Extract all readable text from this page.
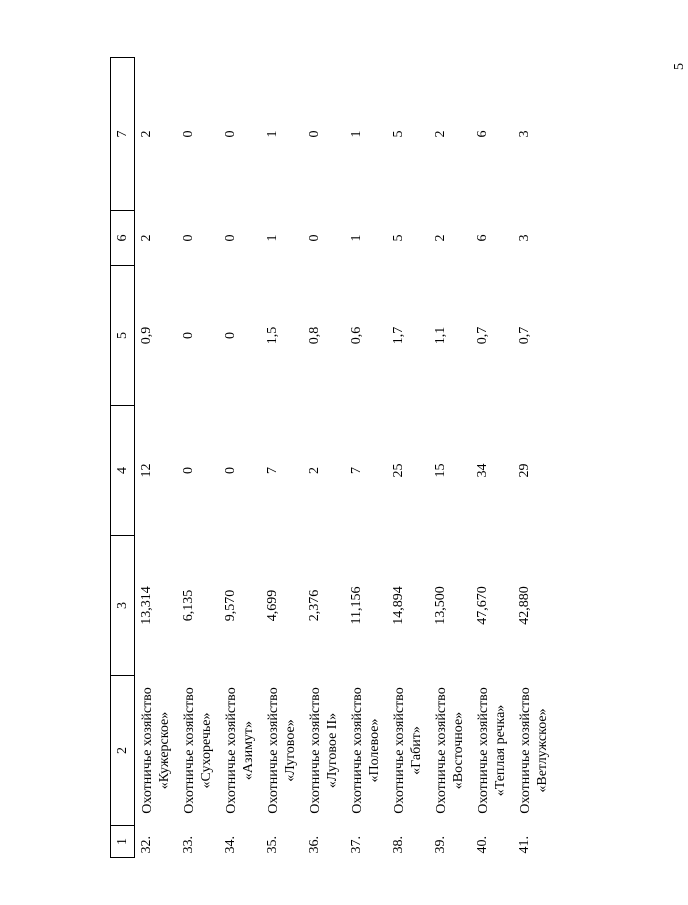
5
1	2	3	4	5	6	7
32.	Охотничье хозяйство «Кужерское»	13,314	12	0,9	2	2
33.	Охотничье хозяйство «Сухоречье»	6,135	0	0	0	0
34.	Охотничье хозяйство «Азимут»	9,570	0	0	0	0
35.	Охотничье хозяйство «Луговое»	4,699	7	1,5	1	1
36.	Охотничье хозяйство «Луговое II»	2,376	2	0,8	0	0
37.	Охотничье хозяйство «Полевое»	11,156	7	0,6	1	1
38.	Охотничье хозяйство «Габит»	14,894	25	1,7	5	5
39.	Охотничье хозяйство «Восточное»	13,500	15	1,1	2	2
40.	Охотничье хозяйство «Теплая речка»	47,670	34	0,7	6	6
41.	Охотничье хозяйство «Ветлужское»	42,880	29	0,7	3	3
